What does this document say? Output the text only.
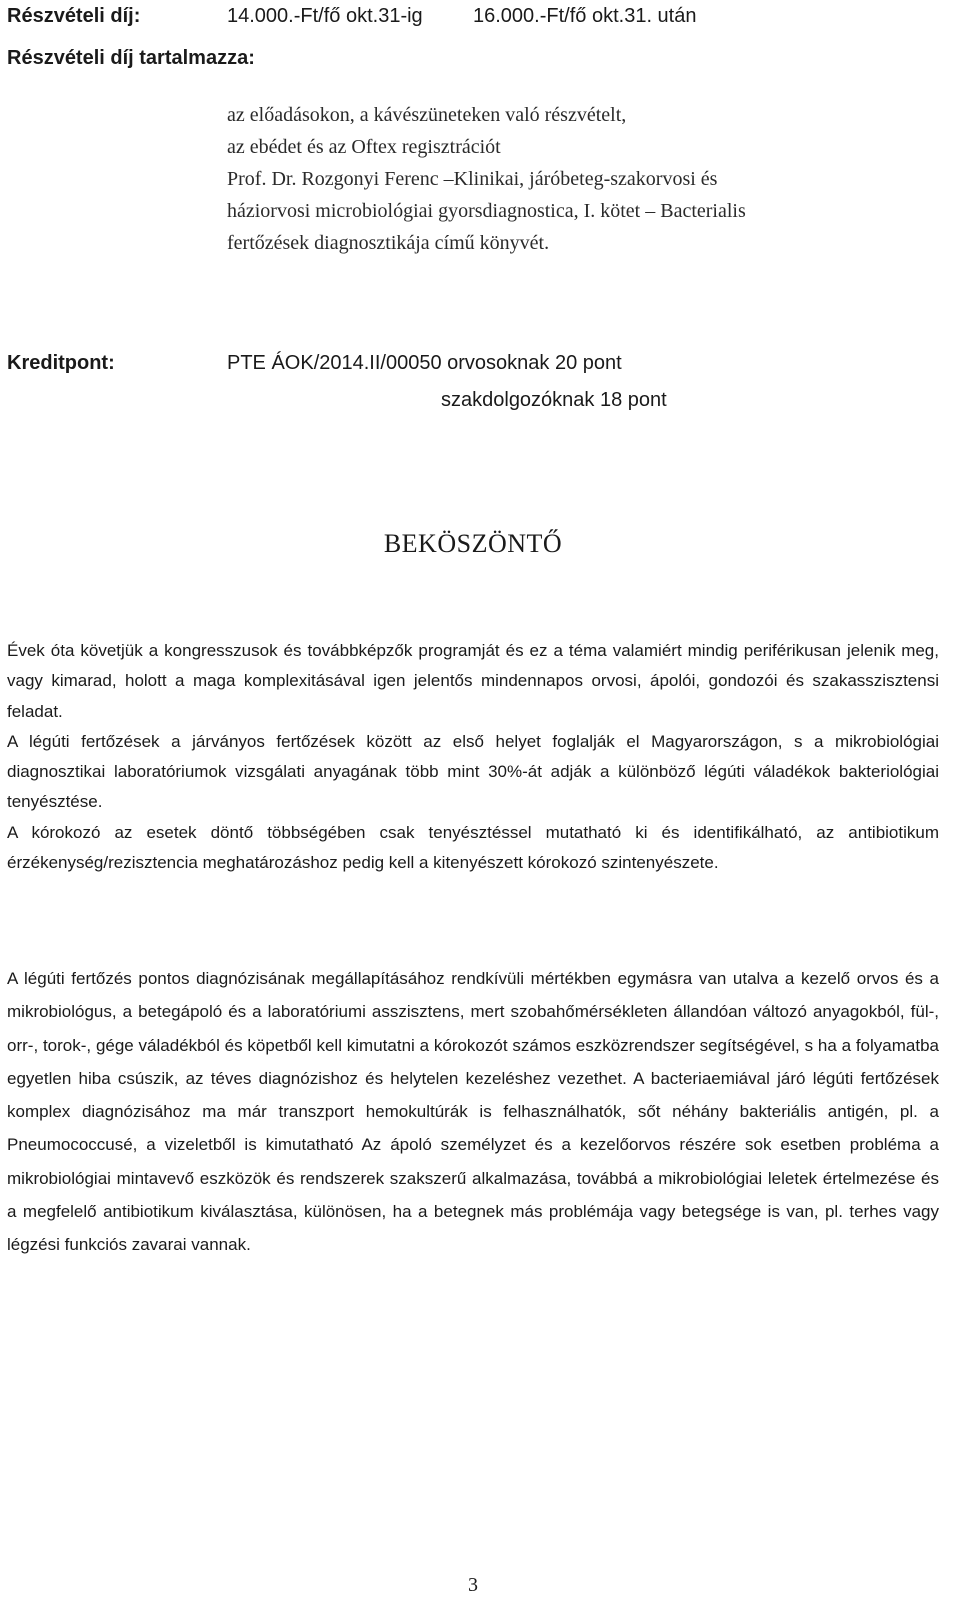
Részvételi díj:	14.000.-Ft/fő okt.31-ig	16.000.-Ft/fő okt.31. után
Részvételi díj tartalmazza:
az előadásokon, a kávészüneteken való részvételt,
az ebédet és az Oftex regisztrációt
Prof. Dr. Rozgonyi Ferenc –Klinikai, járóbeteg-szakorvosi és
háziorvosi microbiológiai gyorsdiagnostica, I. kötet – Bacterialis
fertőzések diagnosztikája című könyvét.
Kreditpont:	PTE ÁOK/2014.II/00050 orvosoknak 20 pont
szakdolgozóknak 18 pont
BEKÖSZÖNTŐ

Évek óta követjük a kongresszusok és továbbképzők programját és ez a téma valamiért mindig periférikusan jelenik meg, vagy kimarad, holott a maga komplexitásával igen jelentős mindennapos orvosi, ápolói, gondozói és szakasszisztensi feladat.

A légúti fertőzések a járványos fertőzések között az első helyet foglalják el Magyarországon, s a mikrobiológiai diagnosztikai laboratóriumok vizsgálati anyagának több mint 30%-át adják a különböző légúti váladékok bakteriológiai tenyésztése.

A kórokozó az esetek döntő többségében csak tenyésztéssel mutatható ki és identifikálható, az antibiotikum érzékenység/rezisztencia meghatározáshoz pedig kell a kitenyészett kórokozó szintenyészete.

A légúti fertőzés pontos diagnózisának megállapításához rendkívüli mértékben egymásra van utalva a kezelő orvos és a mikrobiológus, a betegápoló és a laboratóriumi asszisztens, mert szobahőmérsékleten állandóan változó anyagokból, fül-, orr-, torok-, gége váladékból és köpetből kell kimutatni a kórokozót számos eszközrendszer segítségével, s ha a folyamatba egyetlen hiba csúszik, az téves diagnózishoz és helytelen kezeléshez vezethet. A bacteriaemiával járó légúti fertőzések komplex diagnózisához ma már transzport hemokultúrák is felhasználhatók, sőt néhány bakteriális antigén, pl. a Pneumococcusé, a vizeletből is kimutatható Az ápoló személyzet és a kezelőorvos részére sok esetben probléma a mikrobiológiai mintavevő eszközök és rendszerek szakszerű alkalmazása, továbbá a mikrobiológiai leletek értelmezése és a megfelelő antibiotikum kiválasztása, különösen, ha a betegnek más problémája vagy betegsége is van, pl. terhes vagy légzési funkciós zavarai vannak.

3
